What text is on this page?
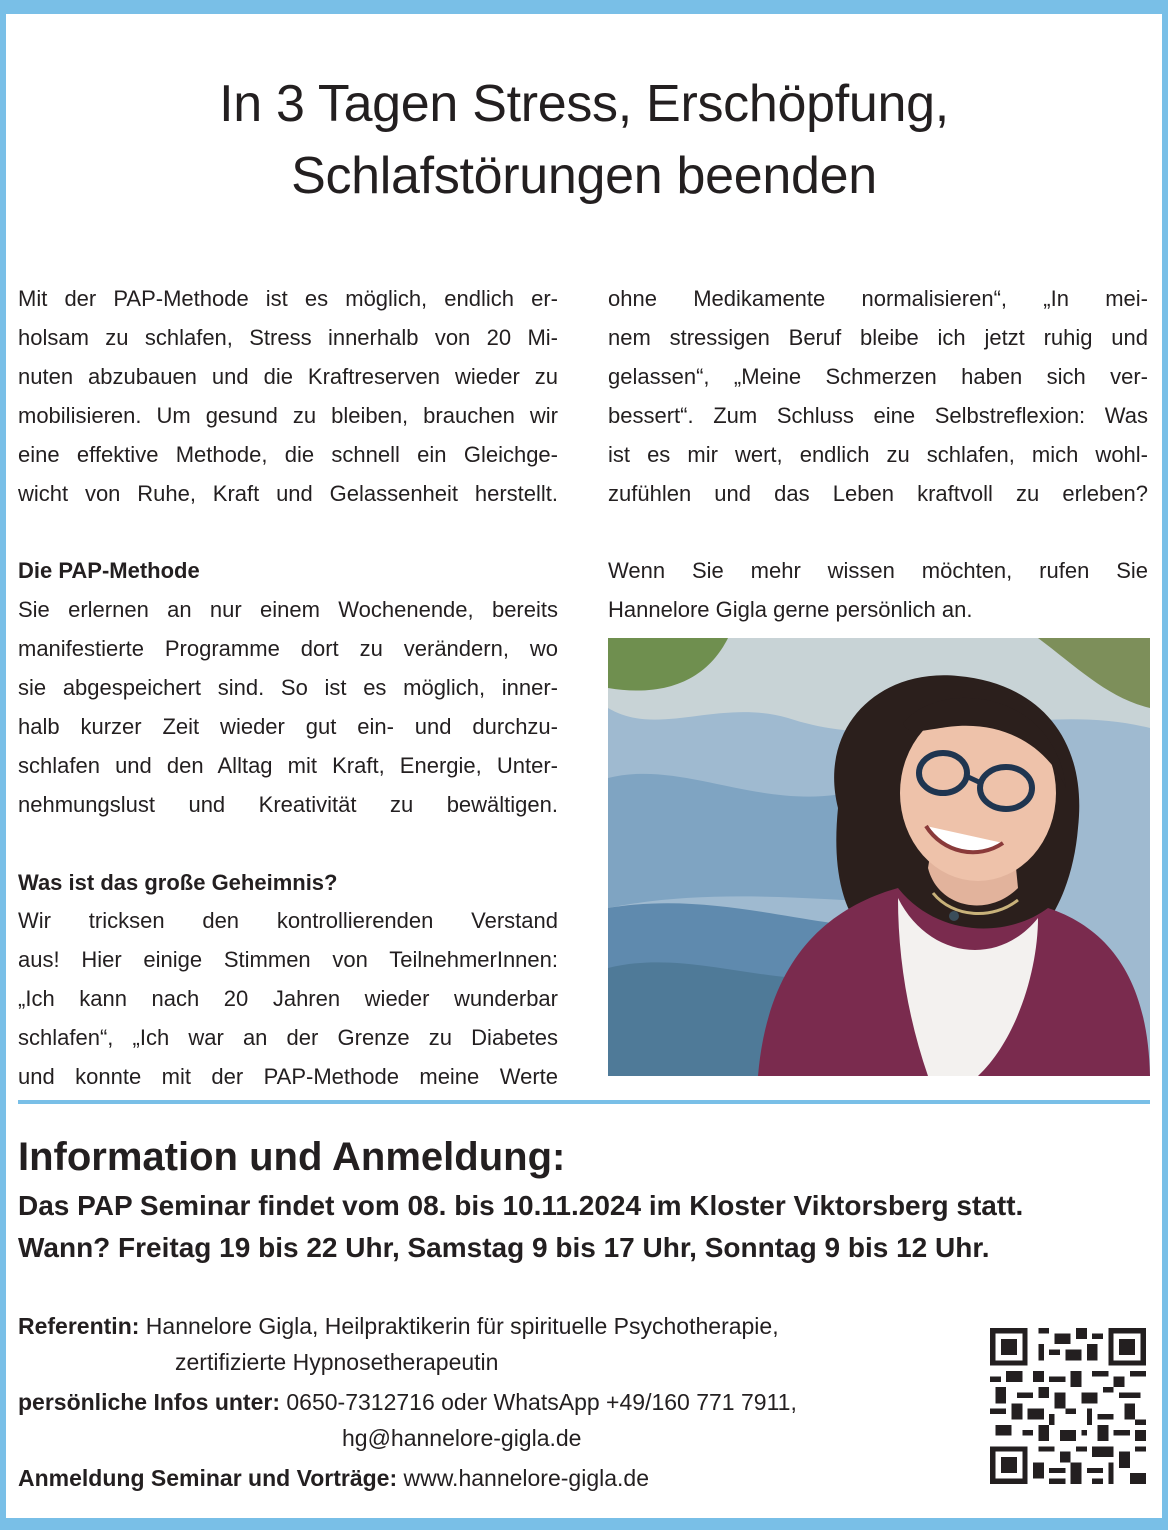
In 3 Tagen Stress, Erschöpfung,
Schlafstörungen beenden
Mit der PAP-Methode ist es möglich, endlich er-
holsam zu schlafen, Stress innerhalb von 20 Mi-
nuten abzubauen und die Kraftreserven wieder zu
mobilisieren. Um gesund zu bleiben, brauchen wir
eine effektive Methode, die schnell ein Gleichge-
wicht von Ruhe, Kraft und Gelassenheit herstellt.
Die PAP-Methode
Sie erlernen an nur einem Wochenende, bereits
manifestierte Programme dort zu verändern, wo
sie abgespeichert sind. So ist es möglich, inner-
halb kurzer Zeit wieder gut ein- und durchzu-
schlafen und den Alltag mit Kraft, Energie, Unter-
nehmungslust und Kreativität zu bewältigen.
Was ist das große Geheimnis?
Wir tricksen den kontrollierenden Verstand
aus! Hier einige Stimmen von TeilnehmerInnen:
„Ich kann nach 20 Jahren wieder wunderbar
schlafen“, „Ich war an der Grenze zu Diabetes
und konnte mit der PAP-Methode meine Werte
ohne Medikamente normalisieren“, „In mei-
nem stressigen Beruf bleibe ich jetzt ruhig und
gelassen“, „Meine Schmerzen haben sich ver-
bessert“. Zum Schluss eine Selbstreflexion: Was
ist es mir wert, endlich zu schlafen, mich wohl-
zufühlen und das Leben kraftvoll zu erleben?
Wenn Sie mehr wissen möchten, rufen Sie
Hannelore Gigla gerne persönlich an.
Information und Anmeldung:

Das PAP Seminar findet vom 08. bis 10.11.2024 im Kloster Viktorsberg statt.

Wann? Freitag 19 bis 22 Uhr, Samstag 9 bis 17 Uhr, Sonntag 9 bis 12 Uhr.

Referentin: Hannelore Gigla, Heilpraktikerin für spirituelle Psychotherapie,
zertifizierte Hypnosetherapeutin
persönliche Infos unter: 0650-7312716 oder WhatsApp +49/160 771 7911,
hg@hannelore-gigla.de
Anmeldung Seminar und Vorträge: www.hannelore-gigla.de
